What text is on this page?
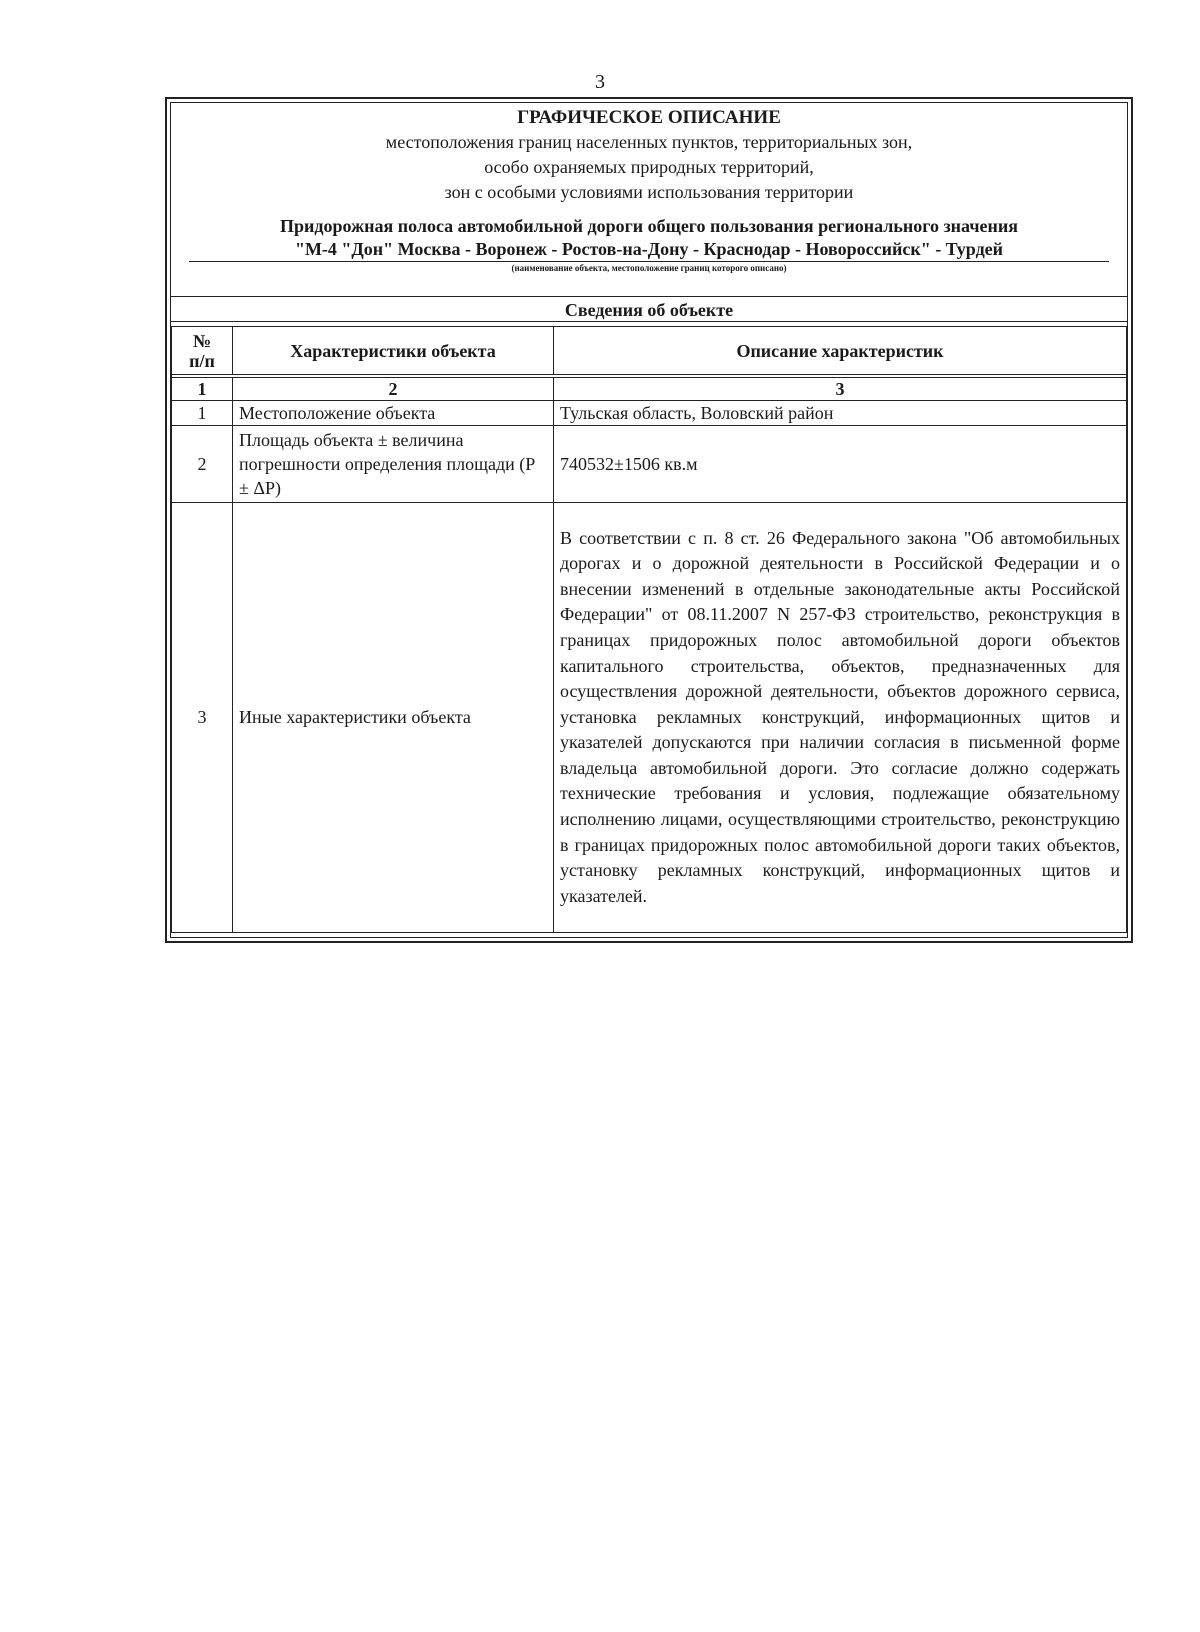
3
ГРАФИЧЕСКОЕ ОПИСАНИЕ
местоположения границ населенных пунктов, территориальных зон,
особо охраняемых природных территорий,
зон с особыми условиями использования территории
Придорожная полоса автомобильной дороги общего пользования регионального значения
"М-4 "Дон" Москва - Воронеж - Ростов-на-Дону - Краснодар - Новороссийск" - Турдей
(наименование объекта, местоположение границ которого описано)
Сведения об объекте
№ п/п	Характеристики объекта	Описание характеристик

1	2	3
1	Местоположение объекта	Тульская область, Воловский район
2	Площадь объекта ± величина погрешности определения площади (P ± ΔP)	740532±1506 кв.м
3	Иные характеристики объекта	В соответствии с п. 8 ст. 26 Федерального закона "Об автомобильных дорогах и о дорожной деятельности в Российской Федерации и о внесении изменений в отдельные законодательные акты Российской Федерации" от 08.11.2007 N 257-ФЗ строительство, реконструкция в границах придорожных полос автомобильной дороги объектов капитального строительства, объектов, предназначенных для осуществления дорожной деятельности, объектов дорожного сервиса, установка рекламных конструкций, информационных щитов и указателей допускаются при наличии согласия в письменной форме владельца автомобильной дороги. Это согласие должно содержать технические требования и условия, подлежащие обязательному исполнению лицами, осуществляющими строительство, реконструкцию в границах придорожных полос автомобильной дороги таких объектов, установку рекламных конструкций, информационных щитов и указателей.
